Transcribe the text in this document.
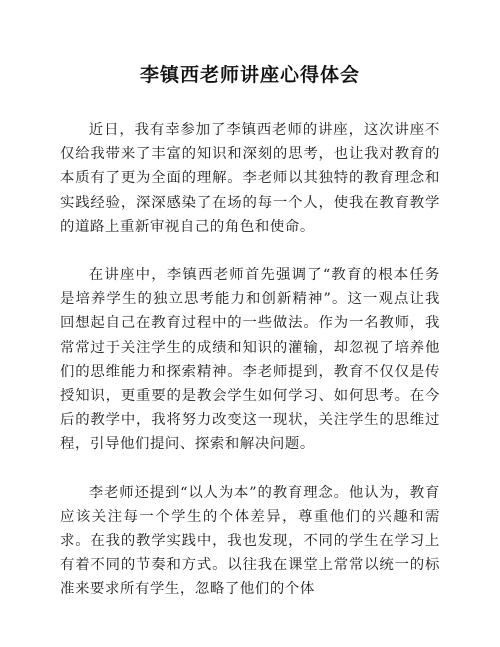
李镇西老师讲座心得体会

近日，我有幸参加了李镇西老师的讲座，这次讲座不仅给我带来了丰富的知识和深刻的思考，也让我对教育的本质有了更为全面的理解。李老师以其独特的教育理念和实践经验，深深感染了在场的每一个人，使我在教育教学的道路上重新审视自己的角色和使命。

在讲座中，李镇西老师首先强调了“教育的根本任务是培养学生的独立思考能力和创新精神”。这一观点让我回想起自己在教育过程中的一些做法。作为一名教师，我常常过于关注学生的成绩和知识的灌输，却忽视了培养他们的思维能力和探索精神。李老师提到，教育不仅仅是传授知识，更重要的是教会学生如何学习、如何思考。在今后的教学中，我将努力改变这一现状，关注学生的思维过程，引导他们提问、探索和解决问题。

李老师还提到“以人为本”的教育理念。他认为，教育应该关注每一个学生的个体差异，尊重他们的兴趣和需求。在我的教学实践中，我也发现，不同的学生在学习上有着不同的节奏和方式。以往我在课堂上常常以统一的标准来要求所有学生，忽略了他们的个体
